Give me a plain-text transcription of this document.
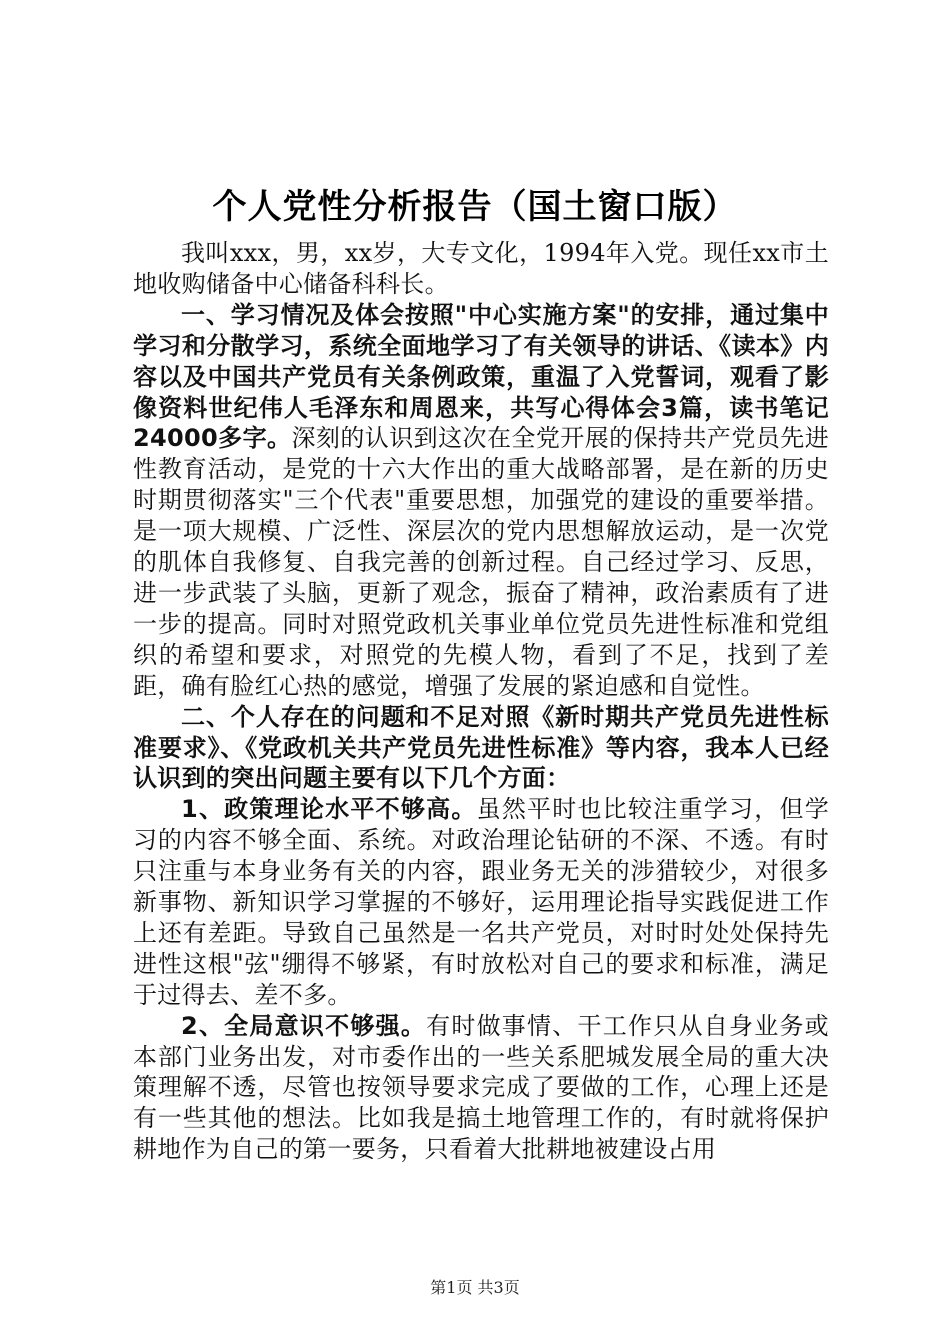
个人党性分析报告（国土窗口版）

我叫xxx，男，xx岁，大专文化，1994年入党。现任xx市土地收购储备中心储备科科长。

一、学习情况及体会按照"中心实施方案"的安排，通过集中学习和分散学习，系统全面地学习了有关领导的讲话、《读本》内容以及中国共产党员有关条例政策，重温了入党誓词，观看了影像资料世纪伟人毛泽东和周恩来，共写心得体会3篇，读书笔记24000多字。深刻的认识到这次在全党开展的保持共产党员先进性教育活动，是党的十六大作出的重大战略部署，是在新的历史时期贯彻落实"三个代表"重要思想，加强党的建设的重要举措。是一项大规模、广泛性、深层次的党内思想解放运动，是一次党的肌体自我修复、自我完善的创新过程。自己经过学习、反思，进一步武装了头脑，更新了观念，振奋了精神，政治素质有了进一步的提高。同时对照党政机关事业单位党员先进性标准和党组织的希望和要求，对照党的先模人物，看到了不足，找到了差距，确有脸红心热的感觉，增强了发展的紧迫感和自觉性。

二、个人存在的问题和不足对照《新时期共产党员先进性标准要求》、《党政机关共产党员先进性标准》等内容，我本人已经认识到的突出问题主要有以下几个方面：

1、政策理论水平不够高。虽然平时也比较注重学习，但学习的内容不够全面、系统。对政治理论钻研的不深、不透。有时只注重与本身业务有关的内容，跟业务无关的涉猎较少，对很多新事物、新知识学习掌握的不够好，运用理论指导实践促进工作上还有差距。导致自己虽然是一名共产党员，对时时处处保持先进性这根"弦"绷得不够紧，有时放松对自己的要求和标准，满足于过得去、差不多。

2、全局意识不够强。有时做事情、干工作只从自身业务或本部门业务出发，对市委作出的一些关系肥城发展全局的重大决策理解不透，尽管也按领导要求完成了要做的工作，心理上还是有一些其他的想法。比如我是搞土地管理工作的，有时就将保护耕地作为自己的第一要务，只看着大批耕地被建设占用

第1页 共3页
